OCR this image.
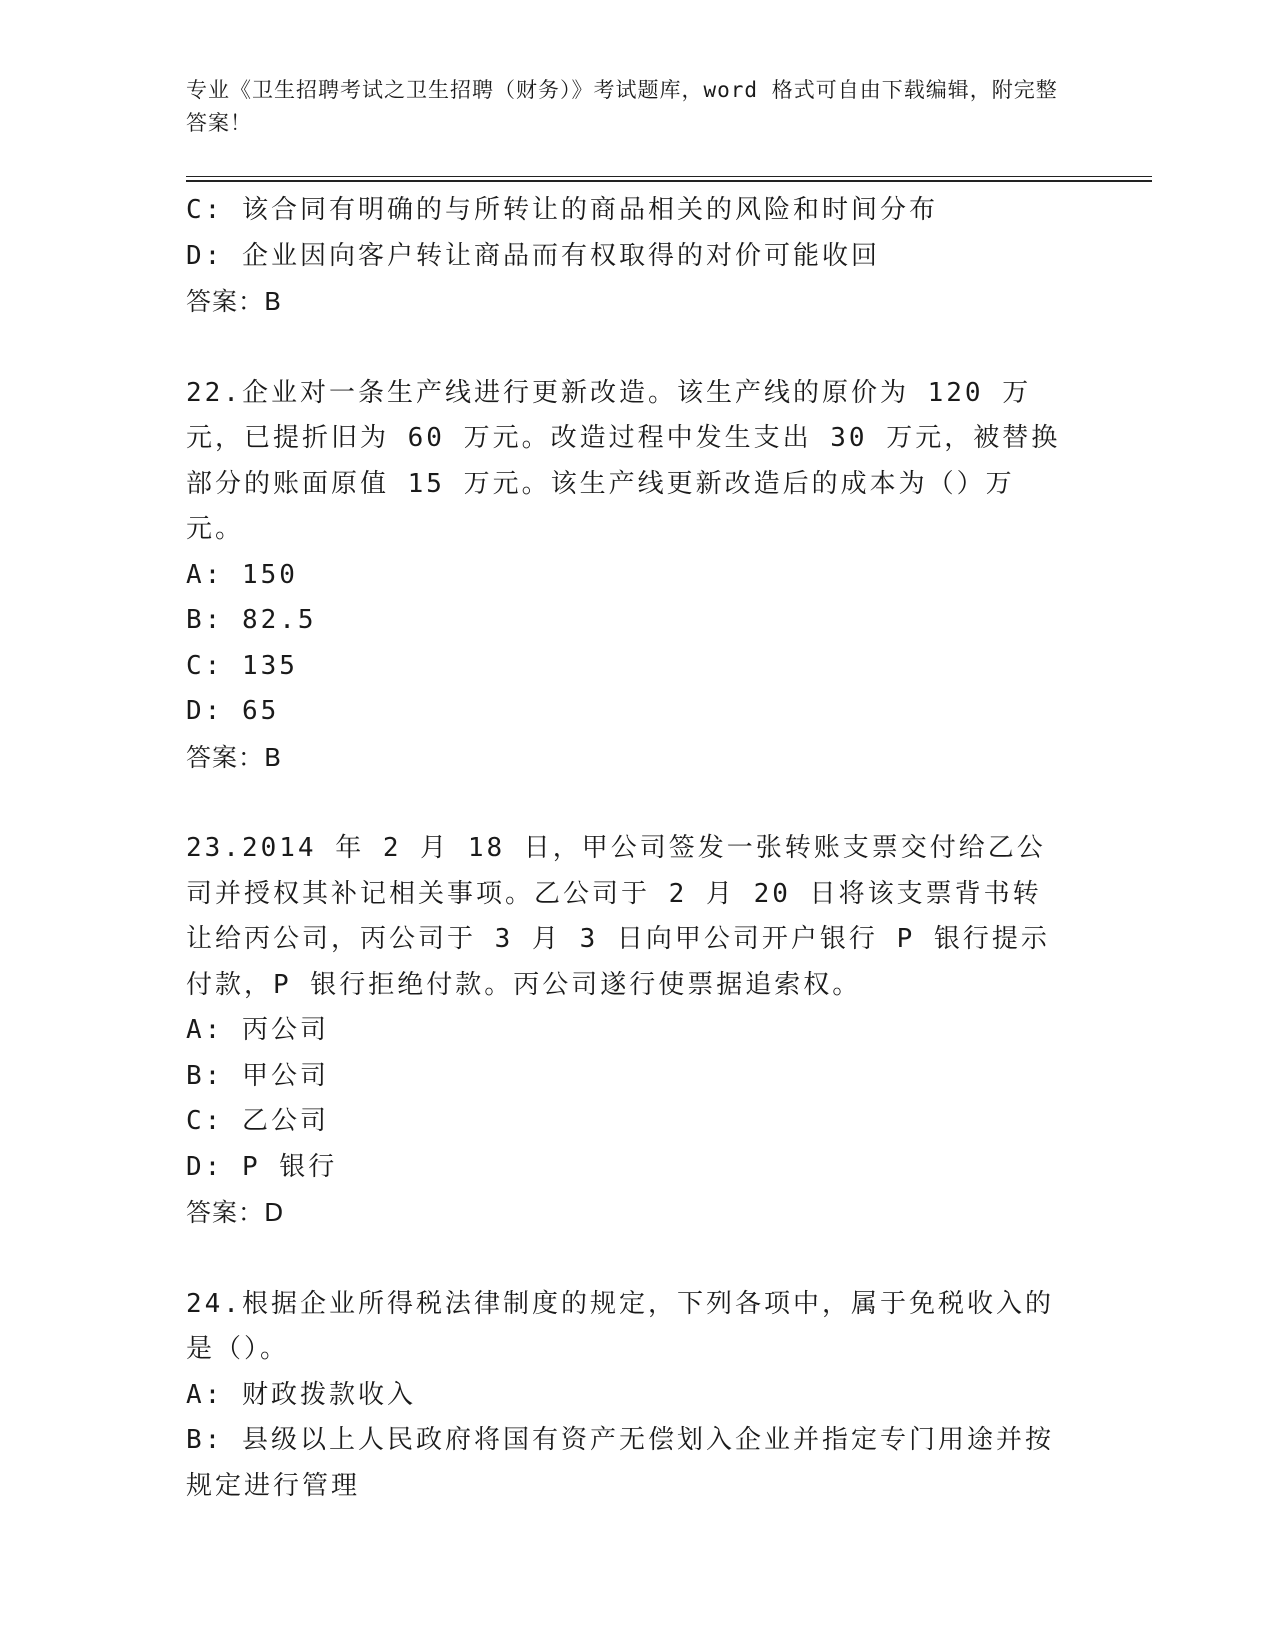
专业《卫生招聘考试之卫生招聘（财务）》考试题库，word 格式可自由下载编辑，附完整答案！
C: 该合同有明确的与所转让的商品相关的风险和时间分布
D: 企业因向客户转让商品而有权取得的对价可能收回
答案：B
22.企业对一条生产线进行更新改造。该生产线的原价为 120 万元，已提折旧为 60 万元。改造过程中发生支出 30 万元，被替换部分的账面原值 15 万元。该生产线更新改造后的成本为（）万元。
A: 150
B: 82.5
C: 135
D: 65
答案：B
23.2014 年 2 月 18 日，甲公司签发一张转账支票交付给乙公司并授权其补记相关事项。乙公司于 2 月 20 日将该支票背书转让给丙公司，丙公司于 3 月 3 日向甲公司开户银行 P 银行提示付款，P 银行拒绝付款。丙公司遂行使票据追索权。
A: 丙公司
B: 甲公司
C: 乙公司
D: P 银行
答案：D
24.根据企业所得税法律制度的规定，下列各项中，属于免税收入的是（）。
A: 财政拨款收入
B: 县级以上人民政府将国有资产无偿划入企业并指定专门用途并按规定进行管理
